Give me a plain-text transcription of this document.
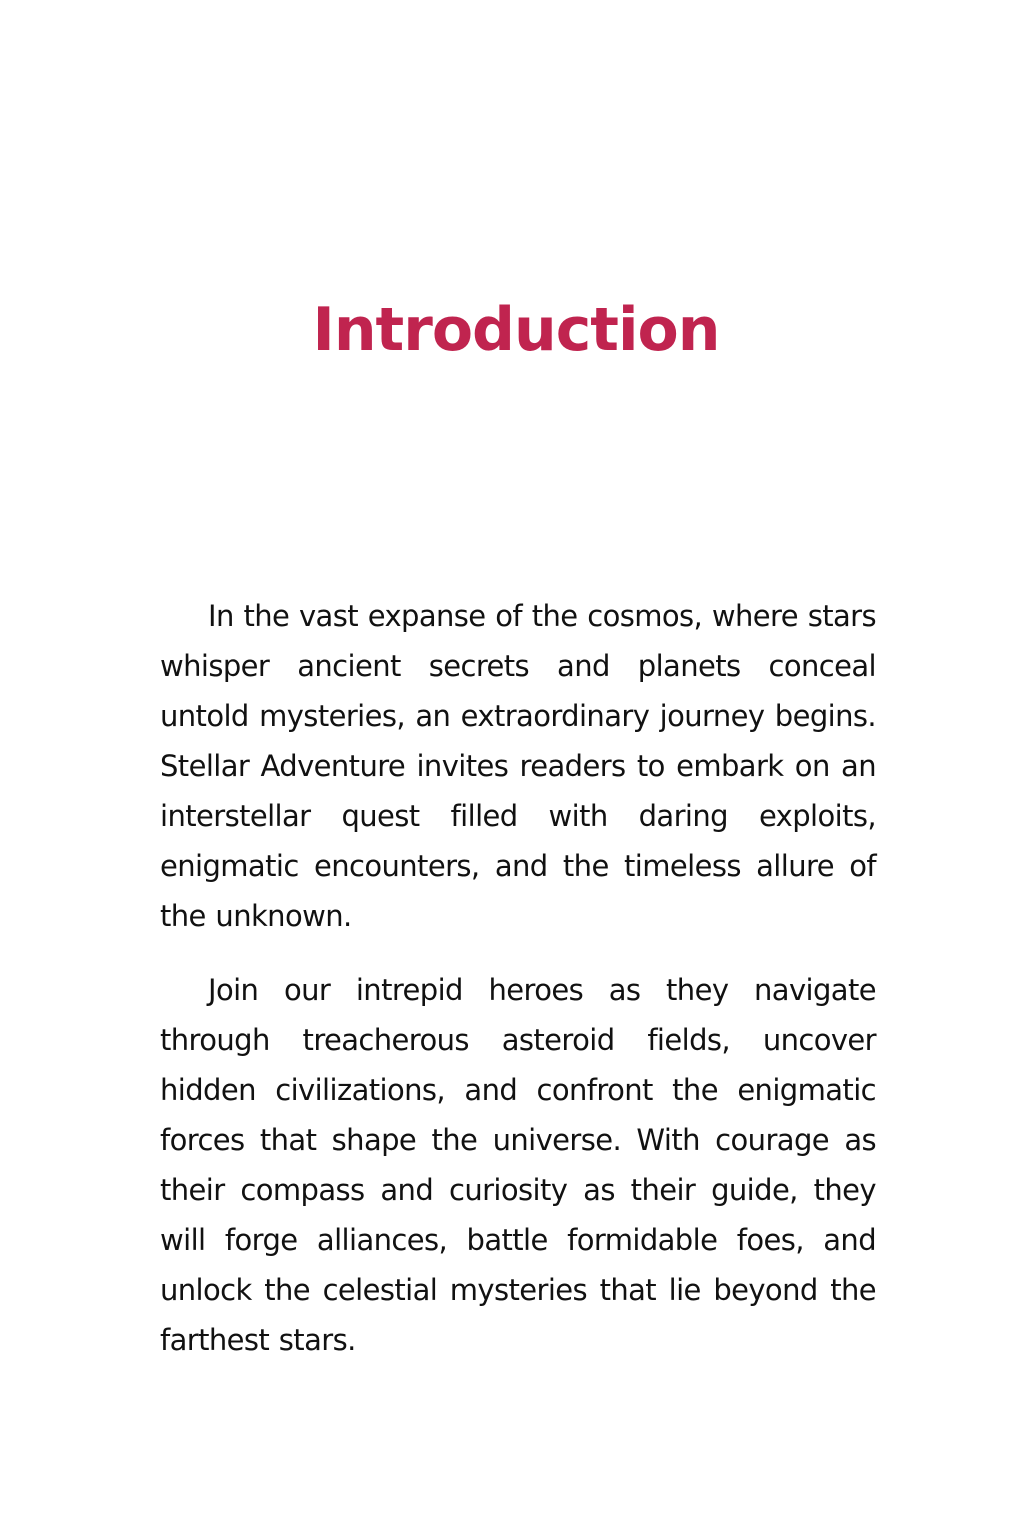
Introduction

In the vast expanse of the cosmos, where stars whisper ancient secrets and planets conceal untold mysteries, an extraordinary journey begins. Stellar Adventure invites readers to embark on an interstellar quest filled with daring exploits, enigmatic encounters, and the timeless allure of the unknown.

Join our intrepid heroes as they navigate through treacherous asteroid fields, uncover hidden civilizations, and confront the enigmatic forces that shape the universe. With courage as their compass and curiosity as their guide, they will forge alliances, battle formidable foes, and unlock the celestial mysteries that lie beyond the farthest stars.
